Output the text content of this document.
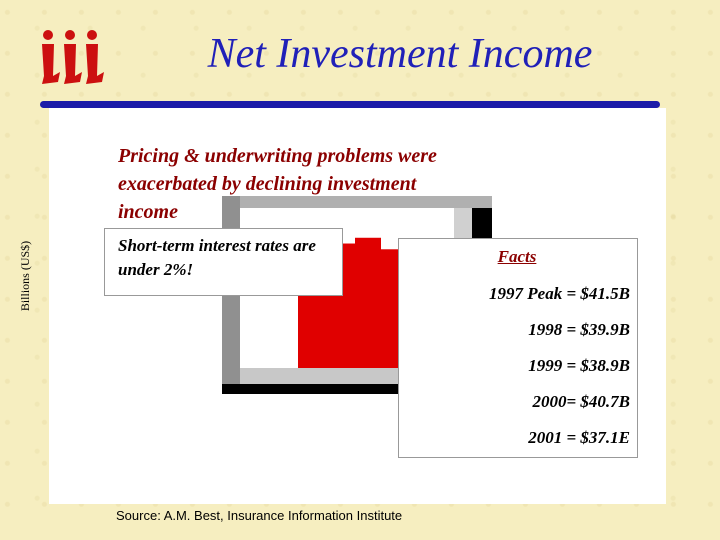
Net Investment Income
Billions (US$)
Pricing & underwriting problems were exacerbated by declining investment income
Short-term interest rates are under 2%!
Facts
1997 Peak = $41.5B
1998 = $39.9B
1999 = $38.9B
2000= $40.7B
2001 = $37.1E
Source: A.M. Best, Insurance Information Institute
